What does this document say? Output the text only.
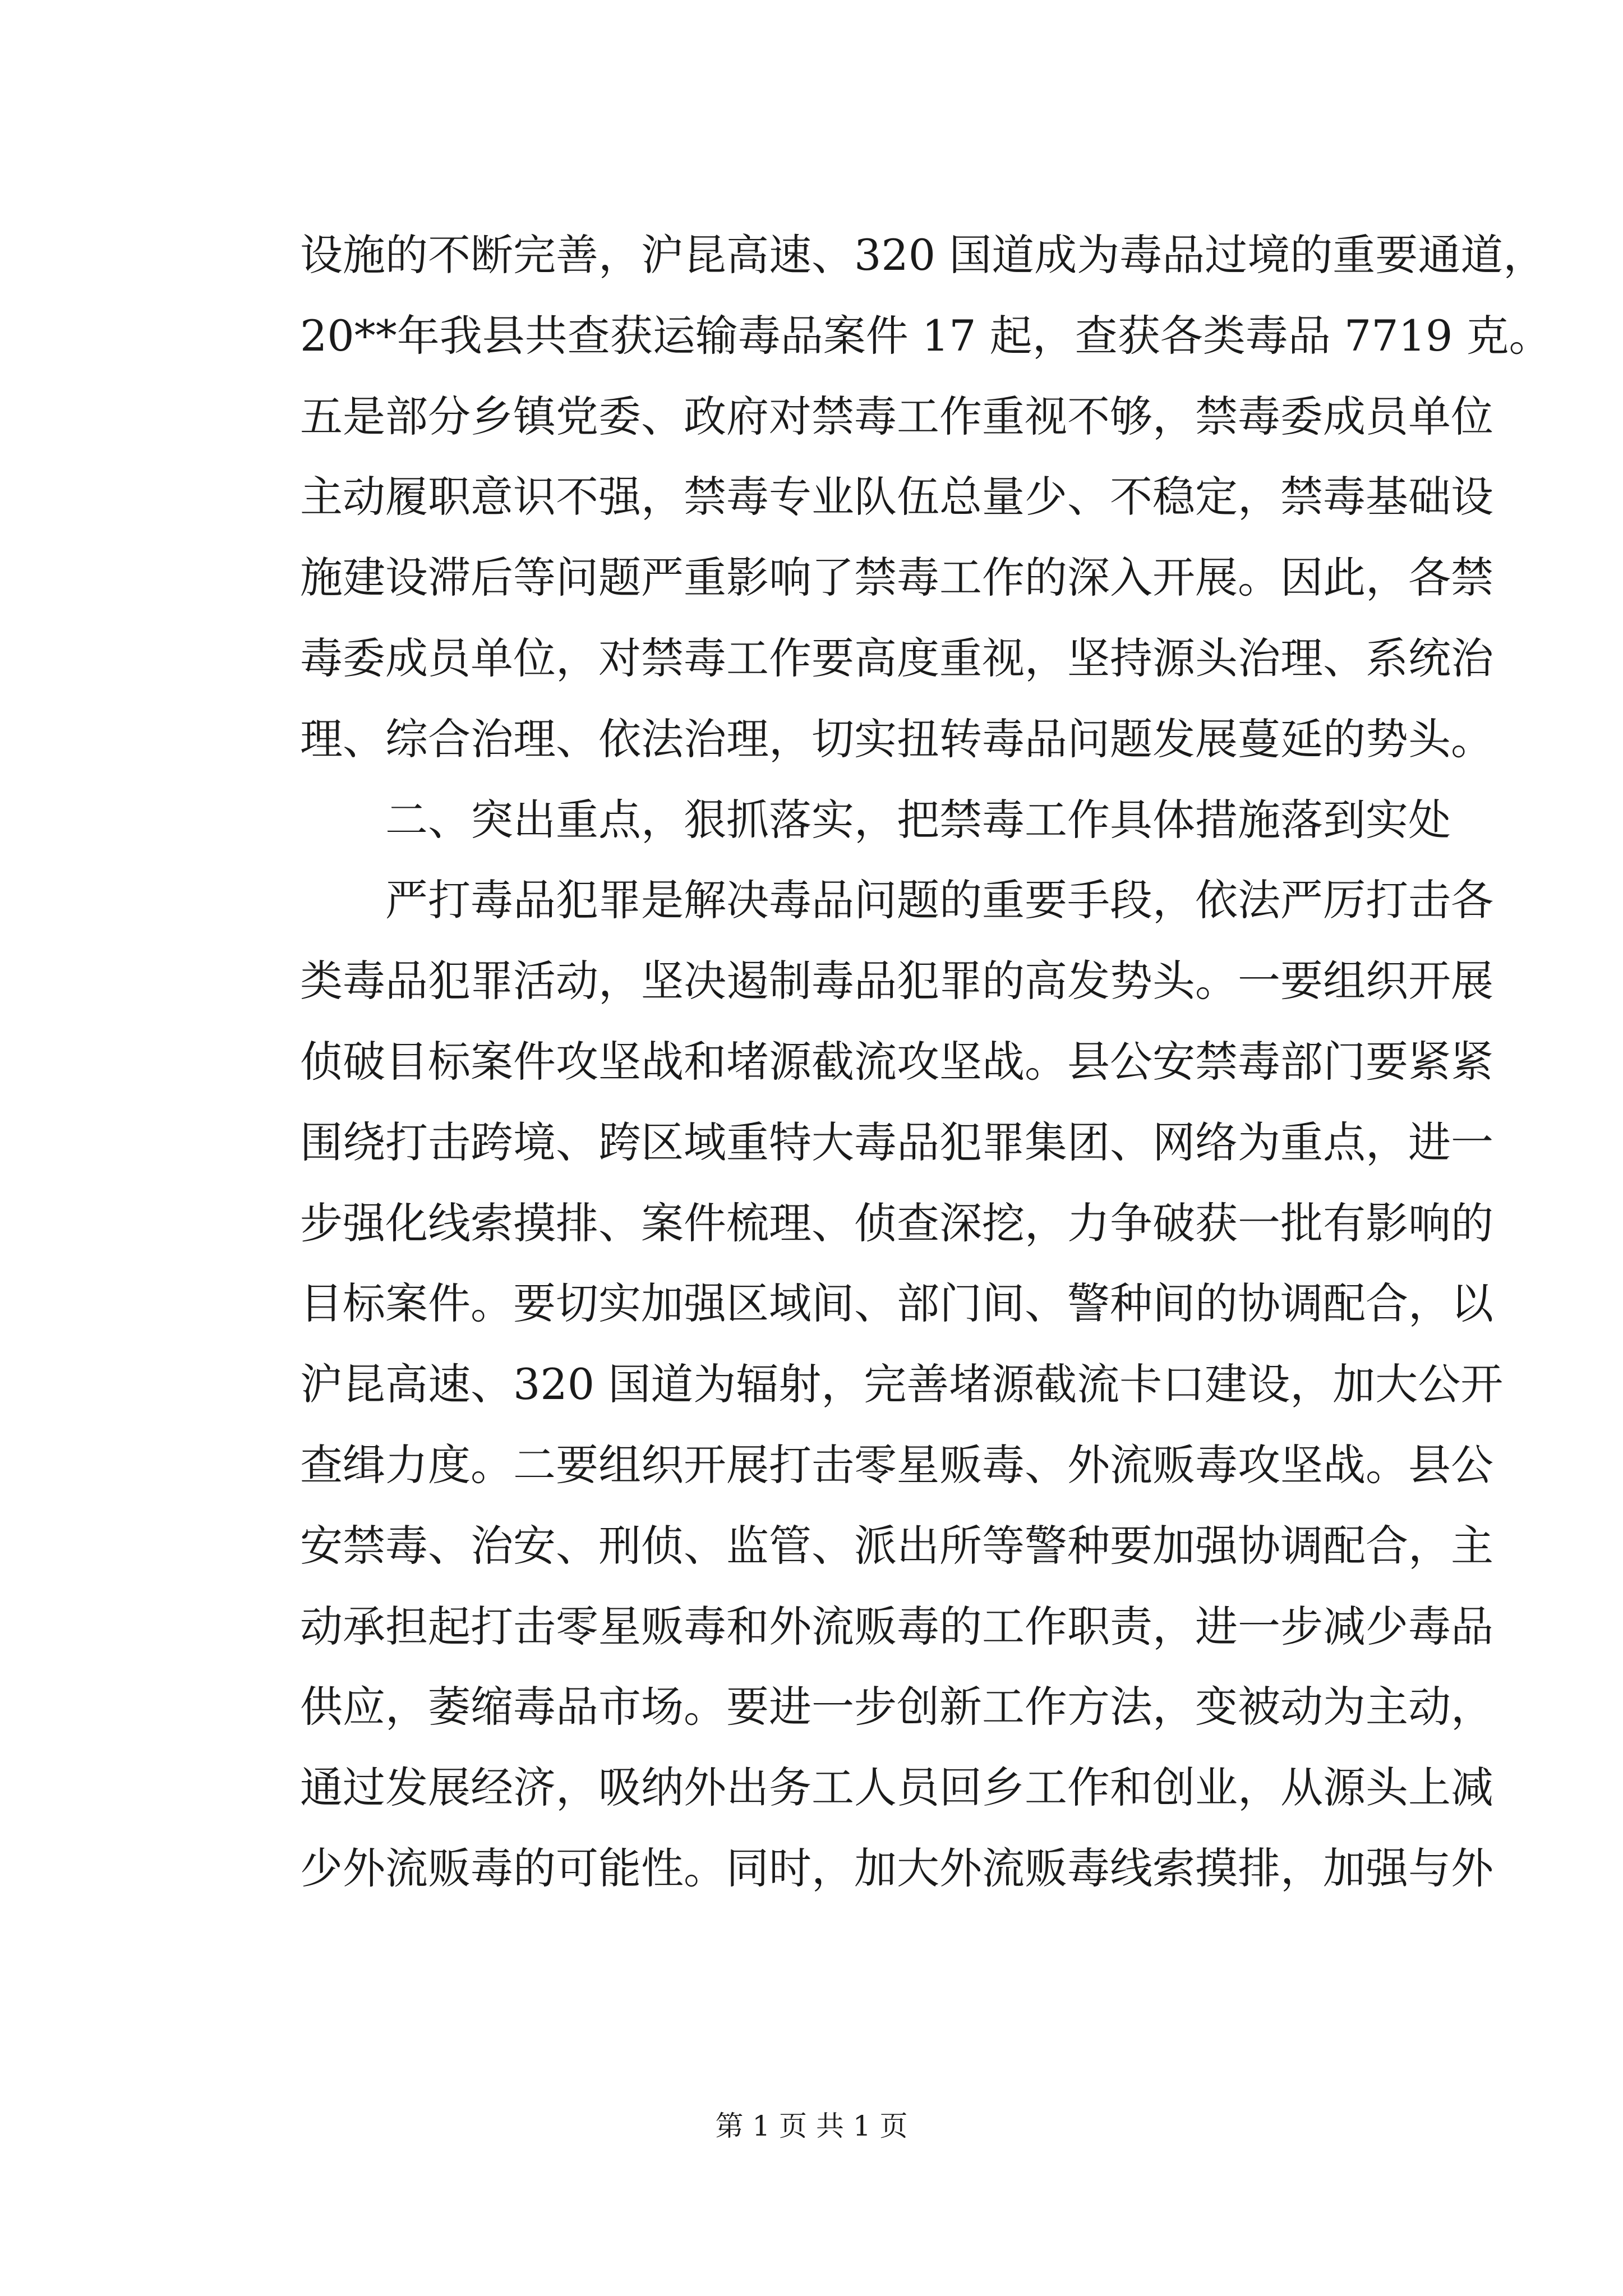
设施的不断完善，沪昆高速、320 国道成为毒品过境的重要通道，
20**年我县共查获运输毒品案件 17 起，查获各类毒品 7719 克。
五是部分乡镇党委、政府对禁毒工作重视不够，禁毒委成员单位
主动履职意识不强，禁毒专业队伍总量少、不稳定，禁毒基础设
施建设滞后等问题严重影响了禁毒工作的深入开展。因此，各禁
毒委成员单位，对禁毒工作要高度重视，坚持源头治理、系统治
理、综合治理、依法治理，切实扭转毒品问题发展蔓延的势头。
二、突出重点，狠抓落实，把禁毒工作具体措施落到实处
严打毒品犯罪是解决毒品问题的重要手段，依法严厉打击各
类毒品犯罪活动，坚决遏制毒品犯罪的高发势头。一要组织开展
侦破目标案件攻坚战和堵源截流攻坚战。县公安禁毒部门要紧紧
围绕打击跨境、跨区域重特大毒品犯罪集团、网络为重点，进一
步强化线索摸排、案件梳理、侦查深挖，力争破获一批有影响的
目标案件。要切实加强区域间、部门间、警种间的协调配合，以
沪昆高速、320 国道为辐射，完善堵源截流卡口建设，加大公开
查缉力度。二要组织开展打击零星贩毒、外流贩毒攻坚战。县公
安禁毒、治安、刑侦、监管、派出所等警种要加强协调配合，主
动承担起打击零星贩毒和外流贩毒的工作职责，进一步减少毒品
供应，萎缩毒品市场。要进一步创新工作方法，变被动为主动，
通过发展经济，吸纳外出务工人员回乡工作和创业，从源头上减
少外流贩毒的可能性。同时，加大外流贩毒线索摸排，加强与外
第 1 页 共 1 页
